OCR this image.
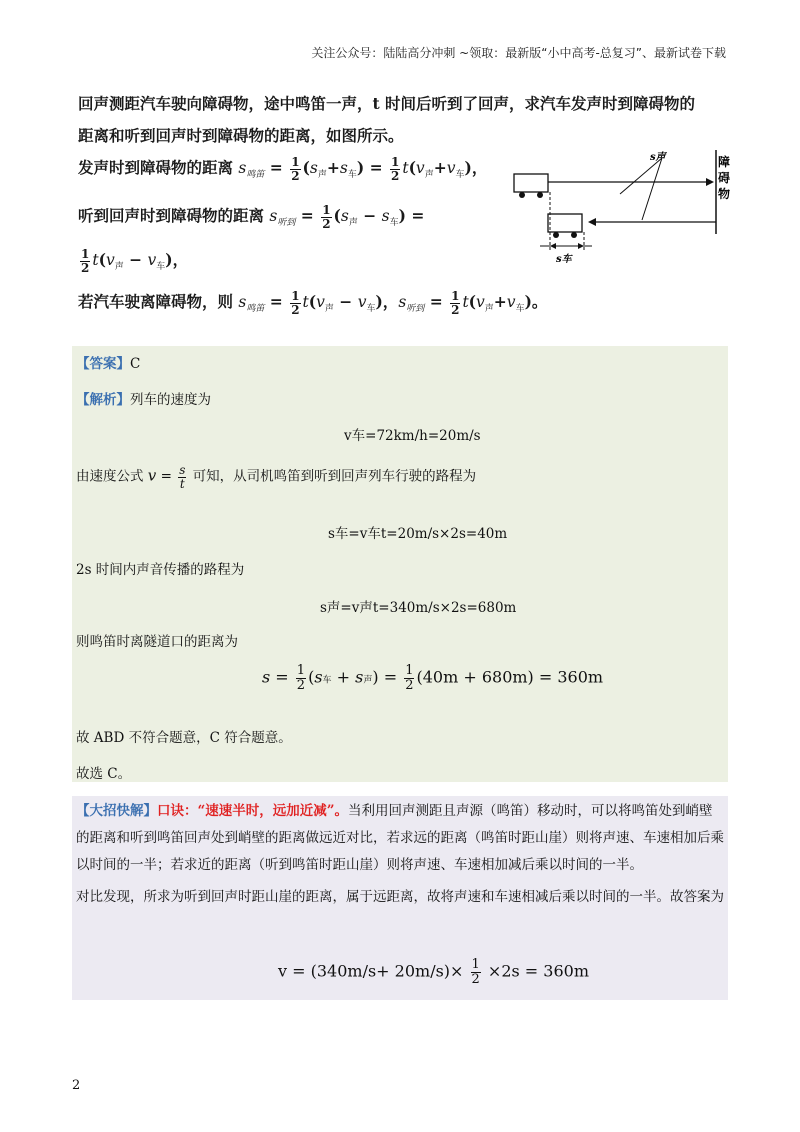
关注公众号：陆陆高分冲刺 ~领取：最新版“小中高考-总复习”、最新试卷下载
回声测距汽车驶向障碍物，途中鸣笛一声，t 时间后听到了回声，求汽车发声时到障碍物的
距离和听到回声时到障碍物的距离，如图所示。
发声时到障碍物的距离 $s_{鸣笛} = \frac{1}{2} (s_声+s_车) = \frac{1}{2} t(v_声+v_车)$，
听到回声时到障碍物的距离 $s_{听到} = \frac{1}{2} (s_声 - s_车)$ =
$\frac{1}{2} t(v_声 - v_车)$，
若汽车驶离障碍物，则 $s_{鸣笛} = \frac{1}{2} t(v_声 - v_车)$，$s_{听到} = \frac{1}{2} t(v_声+v_车)$。
s声
s车
障
碍
物
【答案】C
【解析】列车的速度为
v车=72km/h=20m/s
由速度公式 $v = \frac{s}{t}$ 可知，从司机鸣笛到听到回声列车行驶的路程为
s车=v车t=20m/s×2s=40m
2s 时间内声音传播的路程为
s声=v声t=340m/s×2s=680m
则鸣笛时离隧道口的距离为
$s = \frac{1}{2} (s$车 + s声) = $\frac{1}{2} (40m + 680m) = 360m$
故 ABD 不符合题意，C 符合题意。
故选 C。
【大招快解】口诀：“速速半时，远加近减”。当利用回声测距且声源（鸣笛）移动时，可以将鸣笛处到峭壁的距离和听到鸣笛回声处到峭壁的距离做远近对比，若求远的距离（鸣笛时距山崖）则将声速、车速相加后乘以时间的一半；若求近的距离（听到鸣笛时距山崖）则将声速、车速相加减后乘以时间的一半。
对比发现，所求为听到回声时距山崖的距离，属于远距离，故将声速和车速相减后乘以时间的一半。故答案为
$v = (340m/s+ 20m/s)\times \frac{1}{2} \times 2s = 360m$
2
